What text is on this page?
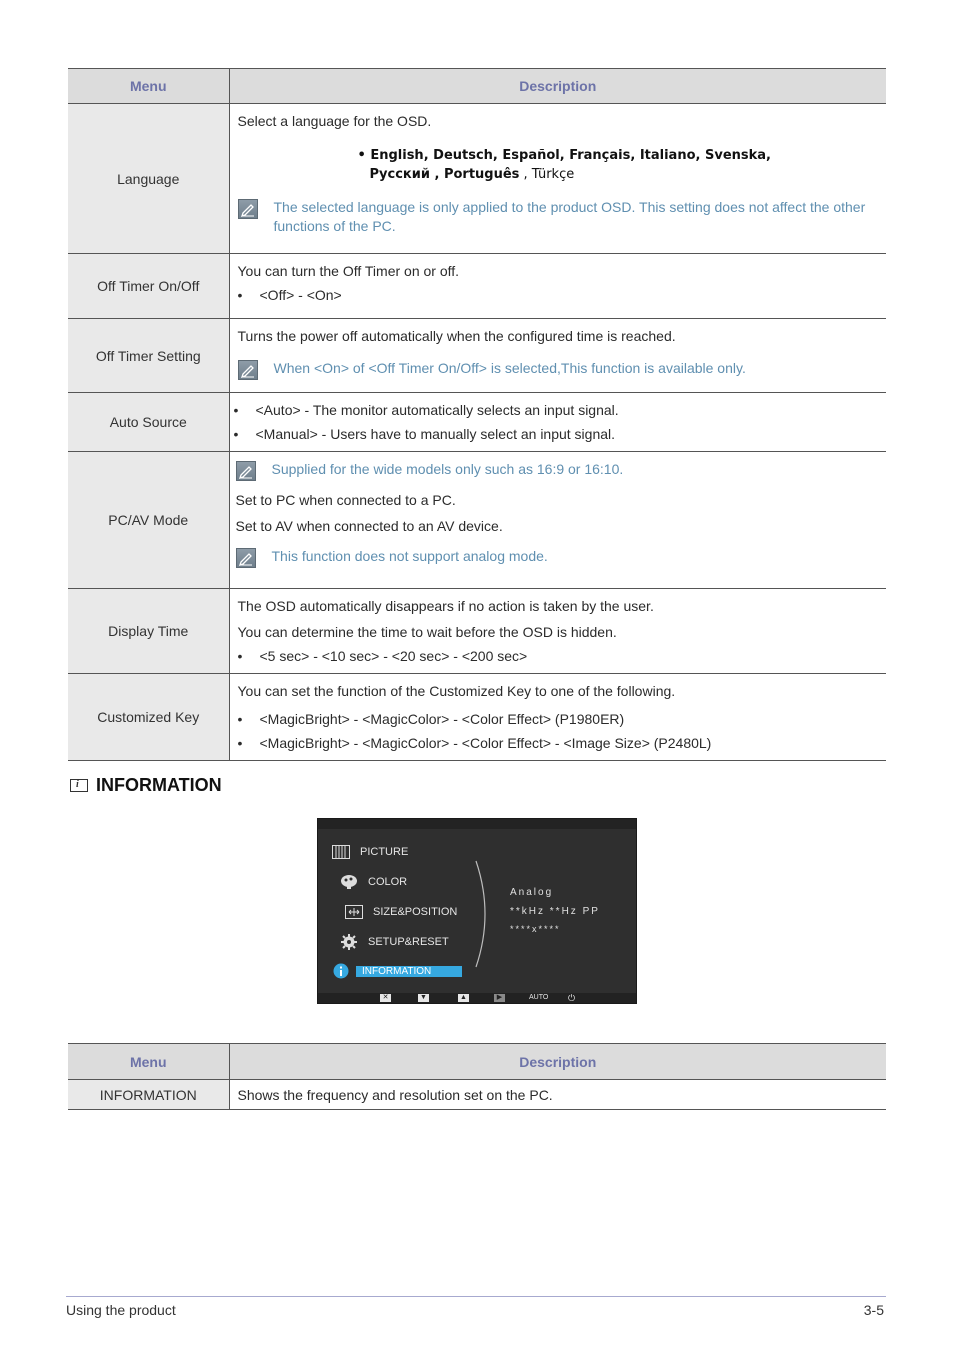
Menu	Description
Language	Select a language for the OSD.

• English, Deutsch, Español, Français, Italiano, Svenska,
Русский , Português , Türkçe
The selected language is only applied to the product OSD. This setting does not affect the other functions of the PC.

Off Timer On/Off	You can turn the Off Timer on or off.

• <Off> - <On>

Off Timer Setting	Turns the power off automatically when the configured time is reached.

When <On> of <Off Timer On/Off> is selected,This function is available only.

Auto Source	• <Auto> - The monitor automatically selects an input signal.
• <Manual> - Users have to manually select an input signal.

PC/AV Mode	Supplied for the wide models only such as 16:9 or 16:10.

Set to PC when connected to a PC.

Set to AV when connected to an AV device.

This function does not support analog mode.

Display Time	The OSD automatically disappears if no action is taken by the user.

You can determine the time to wait before the OSD is hidden.

• <5 sec> - <10 sec> - <20 sec> - <200 sec>

Customized Key	You can set the function of the Customized Key to one of the following.

• <MagicBright> - <MagicColor> - <Color Effect> (P1980ER)
• <MagicBright> - <MagicColor> - <Color Effect> - <Image Size> (P2480L)
i INFORMATION
PICTURE
COLOR
SIZE&POSITION
SETUP&RESET
INFORMATION
Analog
**kHz **Hz PP
****x****
✕	▼	▲	▶	AUTO ⏻
Menu	Description
INFORMATION	Shows the frequency and resolution set on the PC.
Using the product	3-5
